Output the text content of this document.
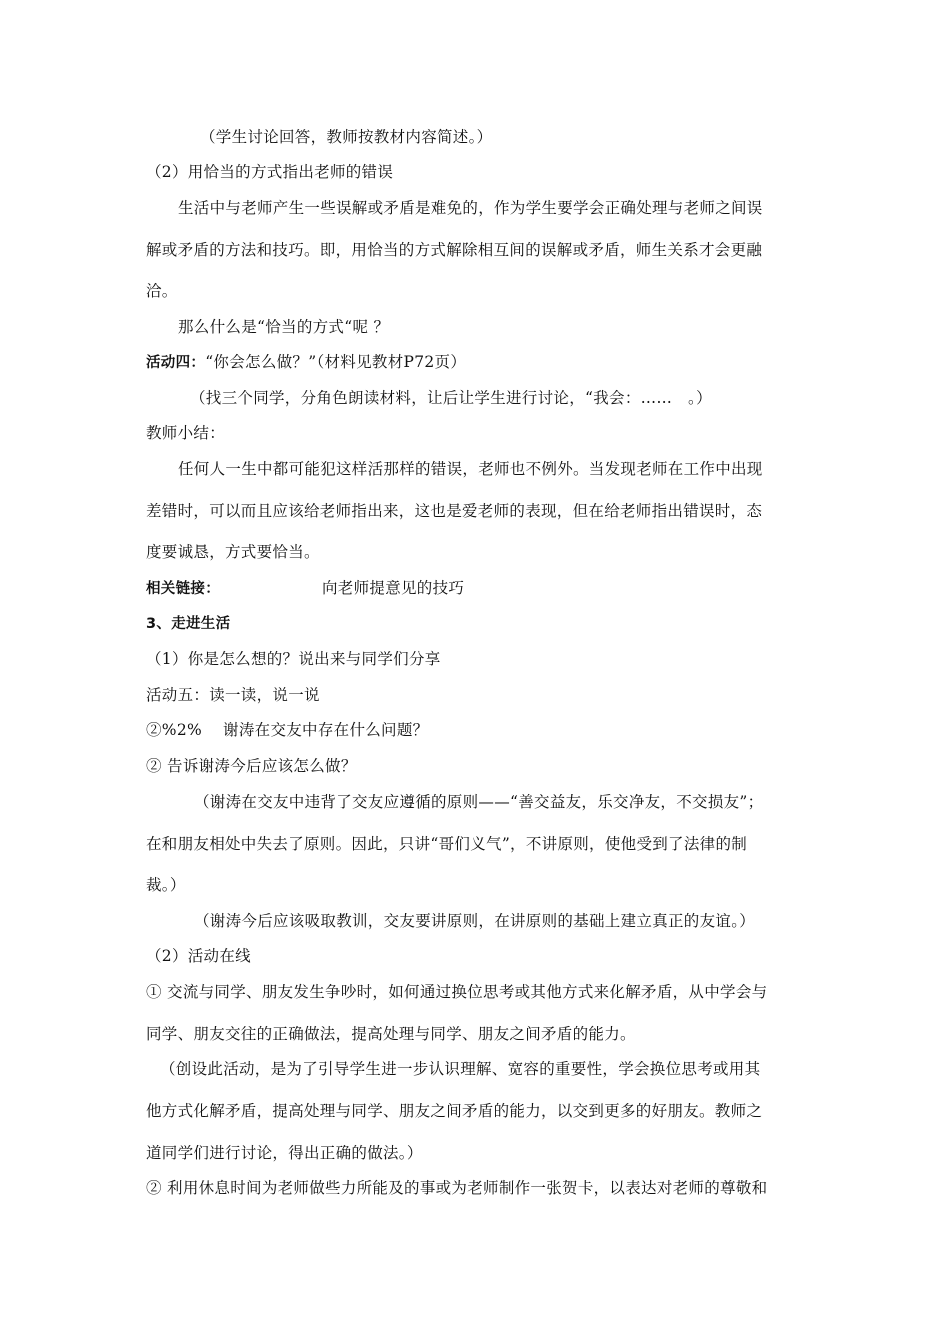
（学生讨论回答，教师按教材内容简述。）
（2）用恰当的方式指出老师的错误
生活中与老师产生一些误解或矛盾是难免的，作为学生要学会正确处理与老师之间误
解或矛盾的方法和技巧。即，用恰当的方式解除相互间的误解或矛盾，师生关系才会更融
洽。
那么什么是“恰当的方式“呢 ？
活动四：“你会怎么做？”（材料见教材P72页）
（找三个同学，分角色朗读材料，让后让学生进行讨论，“我会：……　。）
教师小结：
任何人一生中都可能犯这样活那样的错误，老师也不例外。当发现老师在工作中出现
差错时，可以而且应该给老师指出来，这也是爱老师的表现，但在给老师指出错误时，态
度要诚恳，方式要恰当。
相关链接：	向老师提意见的技巧
3、走进生活
（1）你是怎么想的？说出来与同学们分享
活动五：读一读，说一说
②%2%　 谢涛在交友中存在什么问题？
② 告诉谢涛今后应该怎么做？
（谢涛在交友中违背了交友应遵循的原则——“善交益友，乐交净友，不交损友”；
在和朋友相处中失去了原则。因此，只讲“哥们义气”，不讲原则，使他受到了法律的制
裁。）
（谢涛今后应该吸取教训，交友要讲原则，在讲原则的基础上建立真正的友谊。）
（2）活动在线
① 交流与同学、朋友发生争吵时，如何通过换位思考或其他方式来化解矛盾，从中学会与
同学、朋友交往的正确做法，提高处理与同学、朋友之间矛盾的能力。
（创设此活动，是为了引导学生进一步认识理解、宽容的重要性，学会换位思考或用其
他方式化解矛盾，提高处理与同学、朋友之间矛盾的能力，以交到更多的好朋友。教师之
道同学们进行讨论，得出正确的做法。）
② 利用休息时间为老师做些力所能及的事或为老师制作一张贺卡，以表达对老师的尊敬和
